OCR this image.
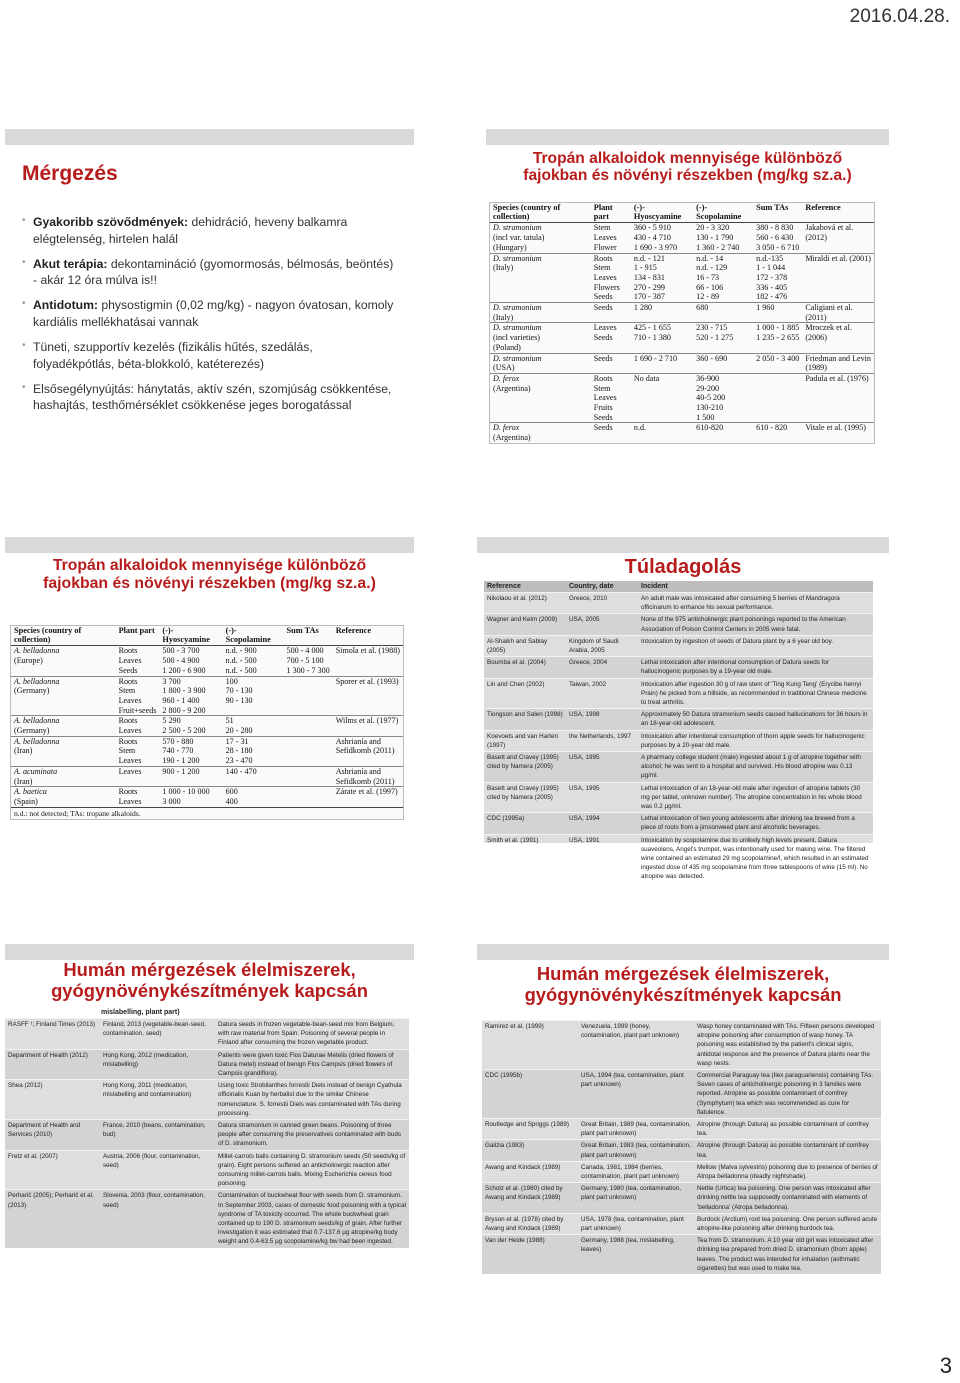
2016.04.28.
Mérgezés
• Gyakoribb szövődmények: dehidráció, heveny balkamra elégtelenség, hirtelen halál
• Akut terápia: dekontamináció (gyomormosás, bélmosás, beöntés) - akár 12 óra múlva is!!
• Antidotum: physostigmin (0,02 mg/kg) - nagyon óvatosan, komoly kardiális mellékhatásai vannak
• Tüneti, szupportív kezelés (fizikális hűtés, szedálás, folyadékpótlás, béta-blokkoló, katéterezés)
• Elsősegélynyújtás: hánytatás, aktív szén, szomjúság csökkentése, hashajtás, testhőmérséklet csökkenése jeges borogatással
Tropán alkaloidok mennyisége különböző
fajokban és növényi részekben (mg/kg sz.a.)
Species (country of collection)	Plant part	(-)-Hyoscyamine	(-)-Scopolamine	Sum TAs	Reference
D. stramonium	Stem	360 - 5 910	20 - 3 320	380 - 8 830	Jakabová et al.
(incl var. tatula)	Leaves	430 - 4 710	130 - 1 790	560 - 6 430	(2012)
(Hungary)	Flower	1 690 - 3 970	1 360 - 2 740	3 050 - 6 710	
D. stramonium	Roots	n.d. - 121	n.d. - 14	n.d.-135	Miraldi et al. (2001)
(Italy)	Stem	1 - 915	n.d. - 129	1 - 1 044	
	Leaves	134 - 831	16 - 73	172 - 378	
	Flowers	270 - 299	66 - 106	336 - 405	
	Seeds	170 - 387	12 - 89	182 - 476	
D. stramonium	Seeds	1 280	680	1 960	Caligiani et al.
(Italy)					(2011)
D. stramonium	Leaves	425 - 1 655	230 - 715	1 000 - 1 885	Mroczek et al.
(incl varieties)	Seeds	710 - 1 380	520 - 1 275	1 235 - 2 655	(2006)
(Poland)					
D. stramonium	Seeds	1 690 - 2 710	360 - 690	2 050 - 3 400	Friedman and Levin
(USA)					(1989)
D. ferox	Roots	No data	36-900		Padula et al. (1976)
(Argentina)	Stem		29-200		
	Leaves		40-5 200		
	Fruits		130-210		
	Seeds		1 500		
D. ferox	Seeds	n.d.	610-820	610 - 820	Vitale et al. (1995)
(Argentina)					
Tropán alkaloidok mennyisége különböző
fajokban és növényi részekben (mg/kg sz.a.)
Species (country of collection)	Plant part	(-)-Hyoscyamine	(-)-Scopolamine	Sum TAs	Reference
A. belladonna	Roots	500 - 3 700	n.d. - 900	500 - 4 000	Simola et al. (1988)
(Europe)	Leaves	500 - 4 900	n.d. - 500	700 - 5 100	
	Seeds	1 200 - 6 900	n.d. - 500	1 300 - 7 300	
A. belladonna	Roots	3 700	100		Sporer et al. (1993)
(Germany)	Stem	1 800 - 3 900	70 - 130		
	Leaves	960 - 1 400	90 - 130		
	Fruit+seeds	2 800 - 9 200			
A. belladonna	Roots	5 290	51		Wilms et al. (1977)
(Germany)	Leaves	2 500 - 5 200	20 - 280		
A. belladonna	Roots	570 - 880	17 - 31		Ashrianía and
(Iran)	Stem	740 - 770	28 - 180		Sefidkomb (2011)
	Leaves	190 - 1 200	23 - 470		
A. acuminata	Leaves	900 - 1 200	140 - 470		Ashrianía and
(Iran)					Sefidkomb (2011)
A. baetica	Roots	1 000 - 10 000	600		Zárate et al. (1997)
(Spain)	Leaves	3 000	400		
n.d.: not detected; TAs: tropane alkaloids.
Túladagolás
Reference	Country, date	Incident
Nikolaou et al. (2012)	Greece, 2010	An adult male was intoxicated after consuming 5 berries of Mandragora officinarum to enhance his sexual performance.
Wagner and Keim (2009)	USA, 2005	None of the 975 anticholinergic plant poisonings reported to the American Association of Poison Control Centers in 2005 were fatal.
Al-Shaikh and Sablay (2005)	Kingdom of Saudi Arabia, 2005	Intoxication by ingestion of seeds of Datura plant by a 6 year old boy.
Boumba et al. (2004)	Greece, 2004	Lethal intoxication after intentional consumption of Datura seeds for hallucinogenic purposes by a 19-year old male.
Lin and Chen (2002)	Taiwan, 2002	Intoxication after ingestion 30 g of raw stem of 'Ting Kung Teng' (Erycibe henryi Prain) he picked from a hillside, as recommended in traditional Chinese medicine to treat arthritis.
Tiongson and Salen (1998)	USA, 1998	Approximately 50 Datura stramonium seeds caused hallucinations for 36 hours in an 18-year-old adolescent.
Koevoets and van Harten (1997)	the Netherlands, 1997	Intoxication after intentional consumption of thorn apple seeds for hallucinogenic purposes by a 20-year old male.
Basett and Cravey (1995) cited by Namera (2005)	USA, 1995	A pharmacy college student (male) ingested about 1 g of atropine together with alcohol; he was sent to a hospital and survived. His blood atropine was 0.13 µg/ml.
Basett and Cravey (1995) cited by Namera (2005)	USA, 1995	Lethal intoxication of an 18-year-old male after ingestion of atropine tablets (30 mg per tablet, unknown number). The atropine concentration in his whole blood was 0.2 µg/ml.
CDC (1995a)	USA, 1994	Lethal intoxication of two young adolescents after drinking tea brewed from a piece of roots from a jimsonweed plant and alcoholic beverages.
Smith et al. (1991)	USA, 1991	Intoxication by scopolamine due to unlikely high levels present. Datura suaveolens, Angel's trumpet, was intentionally used for making wine. The filtered wine contained an estimated 29 mg scopolamine/l, which resulted in an estimated ingested dose of 435 mg scopolamine from three tablespoons of wine (15 ml). No atropine was detected.
Humán mérgezések élelmiszerek,
gyógynövénykészítmények kapcsán
mislabelling, plant part)
RASFF ¹; Finland Times (2013)	Finland, 2013 (vegetable-bean-seed, contamination, seed)	Datura seeds in frozen vegetable-bean-seed mix from Belgium, with raw material from Spain. Poisoning of several people in Finland after consuming the frozen vegetable product.
Department of Health (2012)	Hong Kong, 2012 (medication, mislabelling)	Patients were given toxic Flos Daturae Metelis (dried flowers of Datura metel) instead of benign Flos Campsis (dried flowers of Campsis grandiflora).
Shea (2012)	Hong Kong, 2011 (medication, mislabelling and contamination)	Using toxic Strobilanthes forrestii Diels instead of benign Cyathula officinalis Kuan by herbalist due to the similar Chinese nomenclature. S. forrestii Diels was contaminated with TAs during processing.
Department of Health and Services (2010)	France, 2010 (beans, contamination, bud)	Datura stramonium in canned green beans. Poisoning of three people after consuming the preservatives contaminated with buds of D. stramonium.
Fretz et al. (2007)	Austria, 2006 (flour, contamination, seed)	Millet-carrots balls containing D. stramonium seeds (50 seeds/kg of grain). Eight persons suffered an anticholinergic reaction after consuming millet-carrots balls. Mixing Escherichia cereus food poisoning.
Perharič (2005); Perharič et al. (2013)	Slovenia, 2003 (flour, contamination, seed)	Contamination of buckwheat flour with seeds from D. stramonium. In September 2003, cases of domestic food poisoning with a typical syndrome of TA toxicity occurred. The whole buckwheat grain contained up to 190 D. stramonium seeds/kg of grain. After further investigation it was estimated that 0.7-137.6 µg atropine/kg body weight and 0.4-63.5 µg scopolamine/kg bw had been ingested.
Humán mérgezések élelmiszerek,
gyógynövénykészítmények kapcsán
Ramirez et al. (1999)	Venezuela, 1999 (honey, contamination, plant part unknown)	Wasp honey contaminated with TAs. Fifteen persons developed atropine poisoning after consumption of wasp honey. TA poisoning was established by the patient's clinical signs, antidotal response and the presence of Datura plants near the wasp nests.
CDC (1995b)	USA, 1994 (tea, contamination, plant part unknown)	Commercial Paraguay tea (Ilex paraguariensis) containing TAs. Seven cases of anticholinergic poisoning in 3 families were reported. Atropine as possible contaminant of comfrey (Symphytum) tea which was recommended as cure for flatulence.
Routledge and Spriggs (1989)	Great Britain, 1989 (tea, contamination, plant part unknown)	Atropine (through Datura) as possible contaminant of comfrey tea.
Galizia (1983)	Great Britain, 1983 (tea, contamination, plant part unknown)	Atropine (through Datura) as possible contaminant of comfrey tea.
Awang and Kindack (1989)	Canada, 1981, 1984 (berries, contamination, plant part unknown)	Mellow (Malva sylvestris) poisoning due to presence of berries of Atropa belladonna (deadly nightshade).
Scholz et al. (1980) cited by Awang and Kindack (1989)	Germany, 1980 (tea, contamination, plant part unknown)	Nettle (Urtica) tea poisoning. One person was intoxicated after drinking nettle tea supposedly contaminated with elements of 'belladonna' (Atropa belladonna).
Bryson et al. (1978) cited by Awang and Kindack (1989)	USA, 1978 (tea, contamination, plant part unknown)	Burdock (Arctium) root tea poisoning. One person suffered acute atropine-like poisoning after drinking burdock tea.
Van der Heide (1988)	Germany, 1988 (tea, mislabelling, leaves)	Tea from D. stramonium. A 10 year old girl was intoxicated after drinking tea prepared from dried D. stramonium (thorn apple) leaves. The product was intended for inhalation (asthmatic cigarettes) but was used to make tea.
3
